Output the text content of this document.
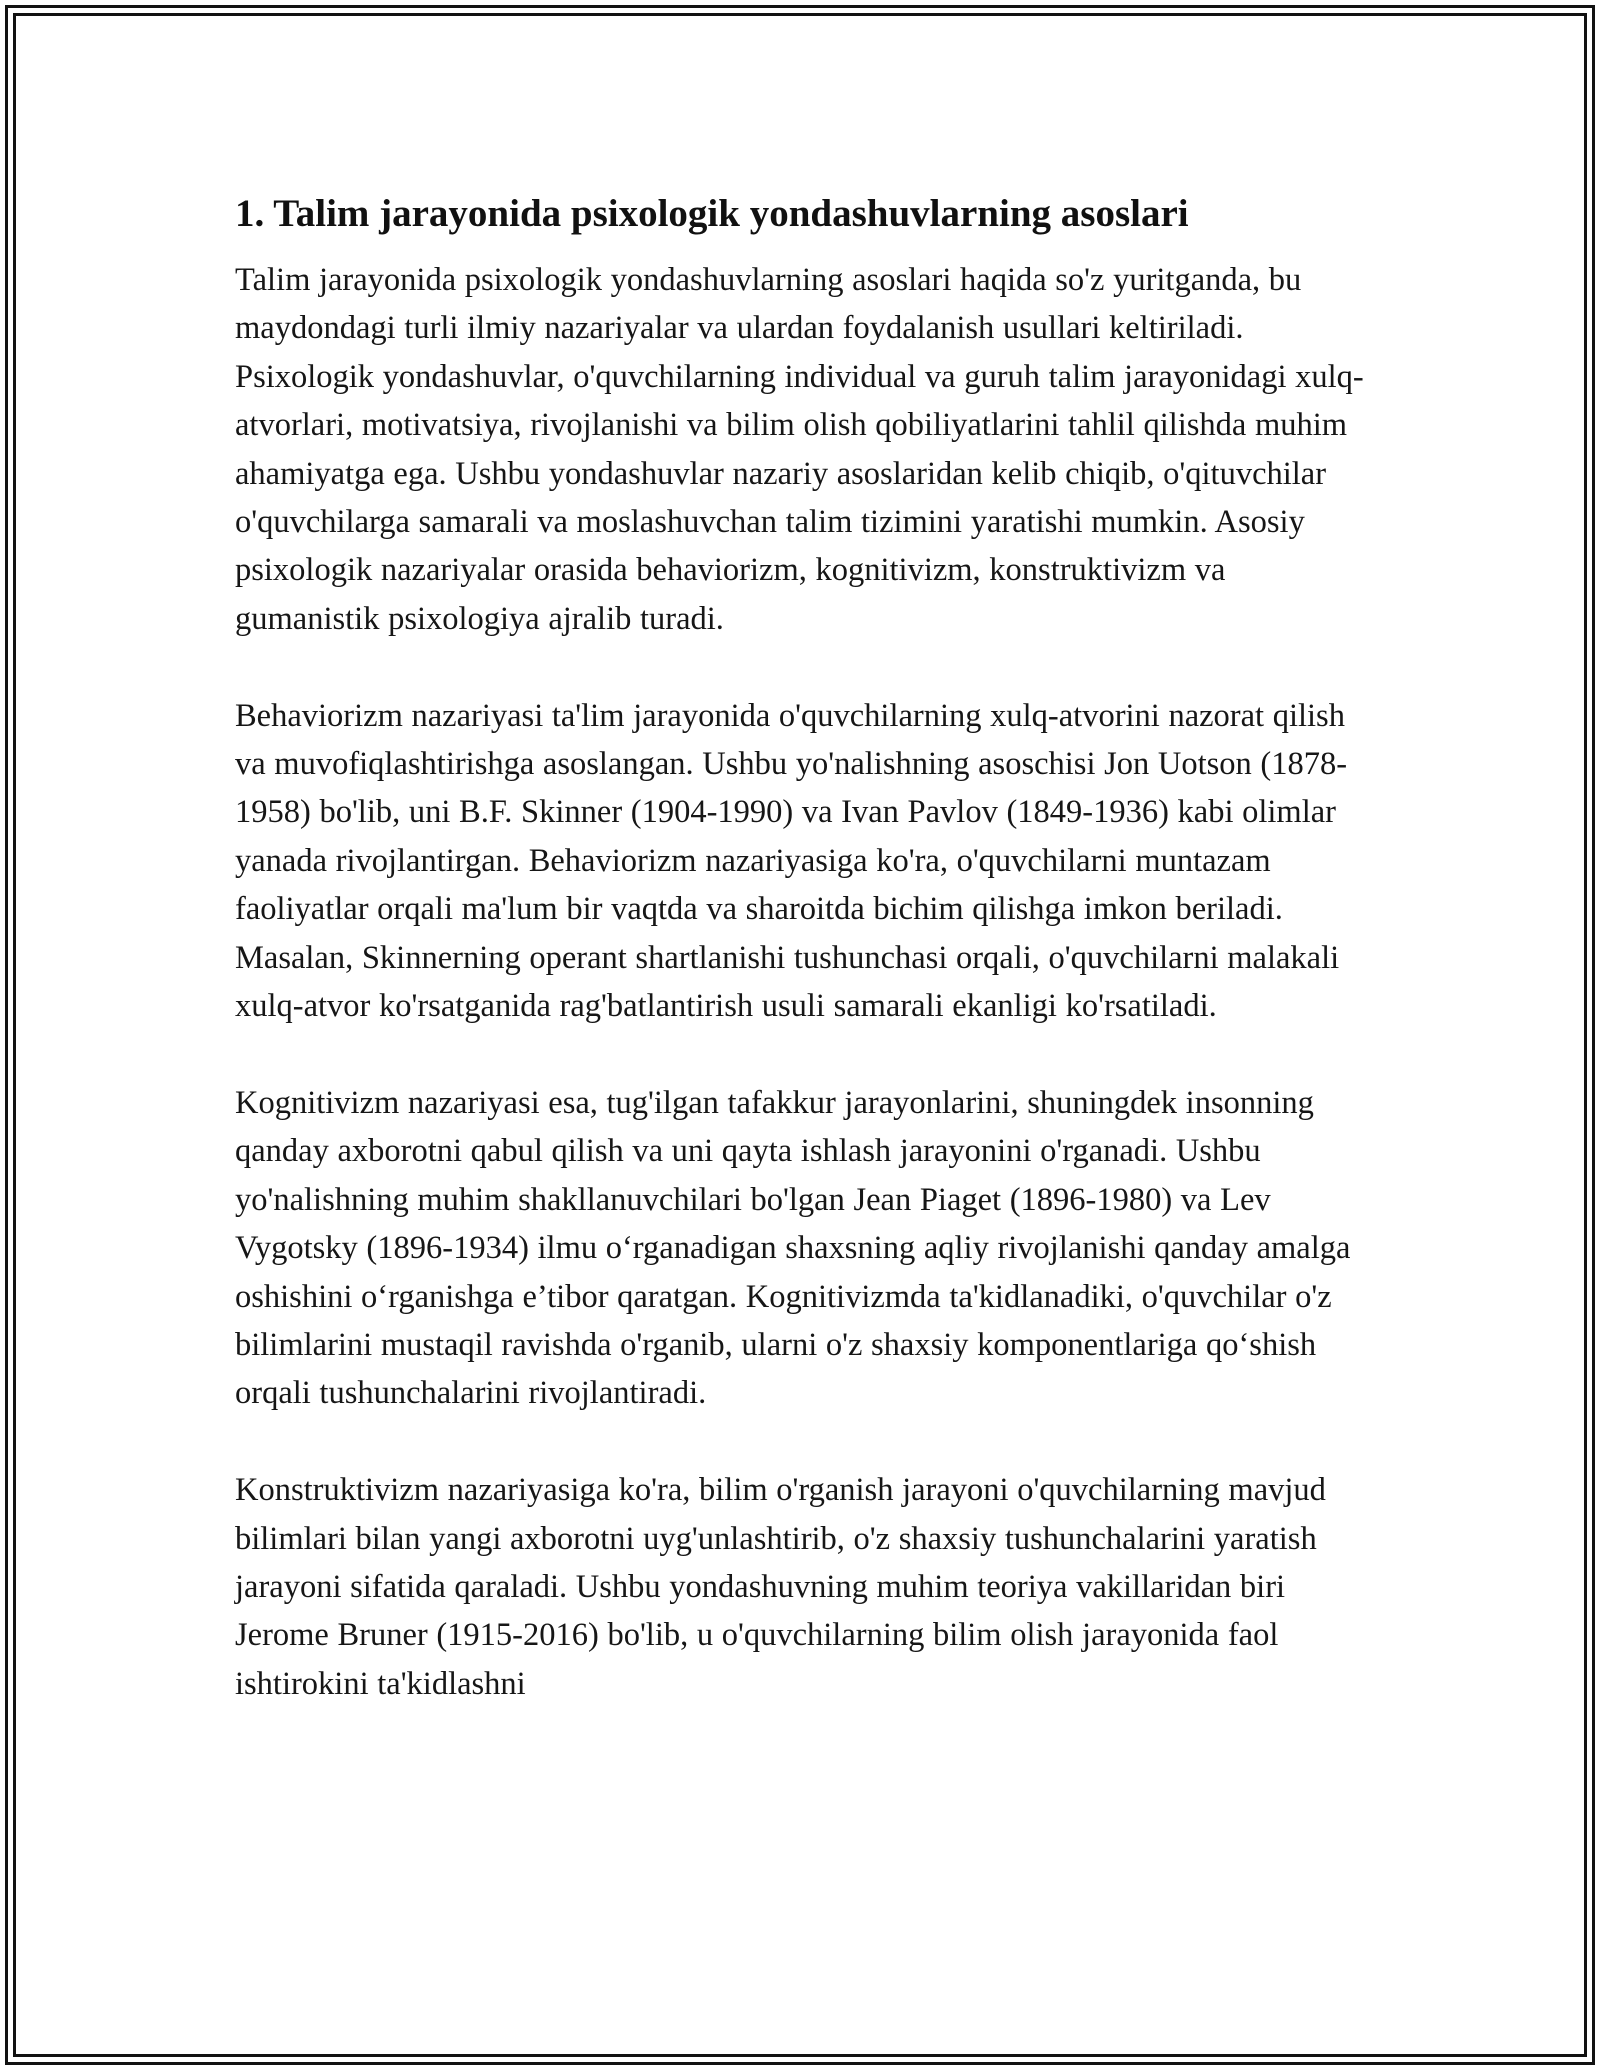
1. Talim jarayonida psixologik yondashuvlarning asoslari

Talim jarayonida psixologik yondashuvlarning asoslari haqida so'z yuritganda, bu maydondagi turli ilmiy nazariyalar va ulardan foydalanish usullari keltiriladi. Psixologik yondashuvlar, o'quvchilarning individual va guruh talim jarayonidagi xulq-atvorlari, motivatsiya, rivojlanishi va bilim olish qobiliyatlarini tahlil qilishda muhim ahamiyatga ega. Ushbu yondashuvlar nazariy asoslaridan kelib chiqib, o'qituvchilar o'quvchilarga samarali va moslashuvchan talim tizimini yaratishi mumkin. Asosiy psixologik nazariyalar orasida behaviorizm, kognitivizm, konstruktivizm va gumanistik psixologiya ajralib turadi.

Behaviorizm nazariyasi ta'lim jarayonida o'quvchilarning xulq-atvorini nazorat qilish va muvofiqlashtirishga asoslangan. Ushbu yo'nalishning asoschisi Jon Uotson (1878-1958) bo'lib, uni B.F. Skinner (1904-1990) va Ivan Pavlov (1849-1936) kabi olimlar yanada rivojlantirgan. Behaviorizm nazariyasiga ko'ra, o'quvchilarni muntazam faoliyatlar orqali ma'lum bir vaqtda va sharoitda bichim qilishga imkon beriladi. Masalan, Skinnerning operant shartlanishi tushunchasi orqali, o'quvchilarni malakali xulq-atvor ko'rsatganida rag'batlantirish usuli samarali ekanligi ko'rsatiladi.

Kognitivizm nazariyasi esa, tug'ilgan tafakkur jarayonlarini, shuningdek insonning qanday axborotni qabul qilish va uni qayta ishlash jarayonini o'rganadi. Ushbu yo'nalishning muhim shakllanuvchilari bo'lgan Jean Piaget (1896-1980) va Lev Vygotsky (1896-1934) ilmu o‘rganadigan shaxsning aqliy rivojlanishi qanday amalga oshishini o‘rganishga e’tibor qaratgan. Kognitivizmda ta'kidlanadiki, o'quvchilar o'z bilimlarini mustaqil ravishda o'rganib, ularni o'z shaxsiy komponentlariga qo‘shish orqali tushunchalarini rivojlantiradi.

Konstruktivizm nazariyasiga ko'ra, bilim o'rganish jarayoni o'quvchilarning mavjud bilimlari bilan yangi axborotni uyg'unlashtirib, o'z shaxsiy tushunchalarini yaratish jarayoni sifatida qaraladi. Ushbu yondashuvning muhim teoriya vakillaridan biri Jerome Bruner (1915-2016) bo'lib, u o'quvchilarning bilim olish jarayonida faol ishtirokini ta'kidlashni
